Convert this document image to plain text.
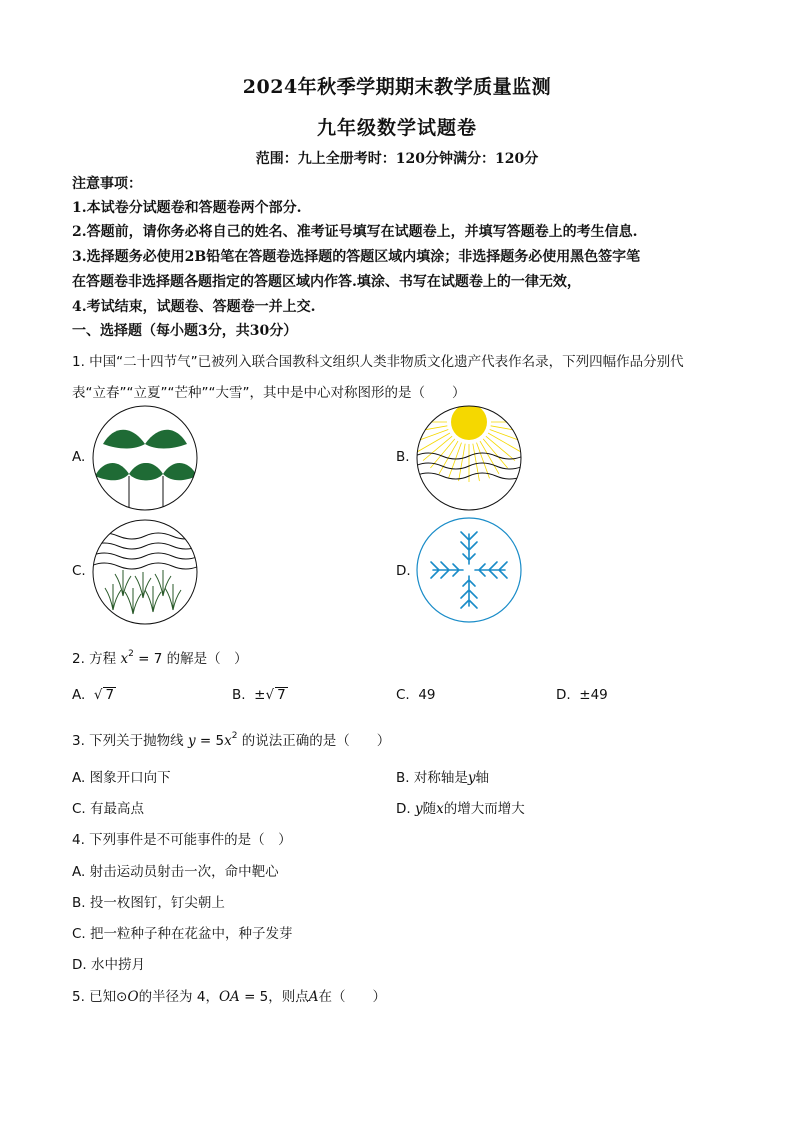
2024年秋季学期期末教学质量监测
九年级数学试题卷
范围：九上全册考时：120分钟满分：120分
注意事项：
1.本试卷分试题卷和答题卷两个部分.
2.答题前，请你务必将自己的姓名、准考证号填写在试题卷上，并填写答题卷上的考生信息.
3.选择题务必使用2B铅笔在答题卷选择题的答题区域内填涂；非选择题务必使用黑色签字笔
在答题卷非选择题各题指定的答题区域内作答.填涂、书写在试题卷上的一律无效，
4.考试结束，试题卷、答题卷一并上交.
一、选择题（每小题3分，共30分）
1. 中国“二十四节气”已被列入联合国教科文组织人类非物质文化遗产代表作名录，下列四幅作品分别代
表“立春”“立夏”“芒种”“大雪”，其中是中心对称图形的是（　　）
A.	B.
C.	D.
2. 方程 $x^2 = 7$ 的解是（　）
A.  √ 7	B. ±√ 7	C. 49	D. ±49
3. 下列关于抛物线 $y = 5x^2$ 的说法正确的是（　　）
A. 图象开口向下	B. 对称轴是y轴
C. 有最高点	D. y随x的增大而增大
4. 下列事件是不可能事件的是（　）
A. 射击运动员射击一次，命中靶心
B. 投一枚图钉，钉尖朝上
C. 把一粒种子种在花盆中，种子发芽
D. 水中捞月
5. 已知⊙O的半径为 4，OA = 5，则点A在（　　）
